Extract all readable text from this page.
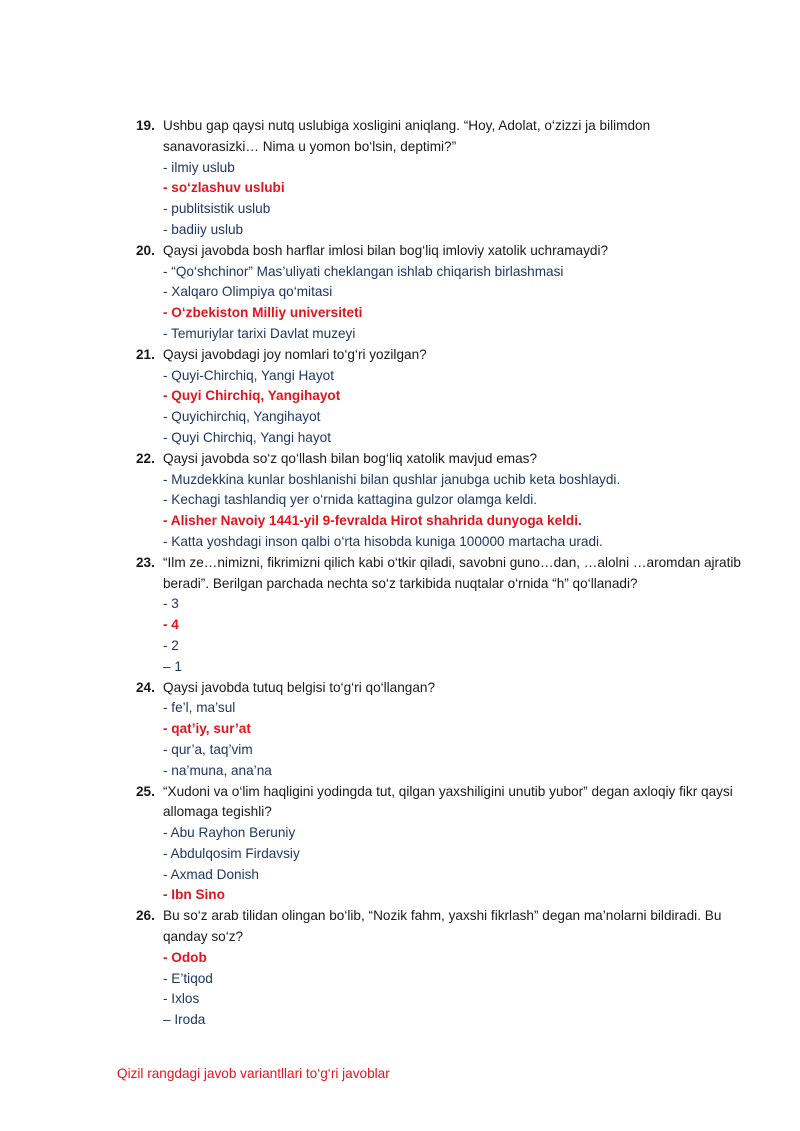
19. Ushbu gap qaysi nutq uslubiga xosligini aniqlang. “Hoy, Adolat, o‘zizzi ja bilimdon sanavorasizki… Nima u yomon bo‘lsin, deptimi?”
- ilmiy uslub
- so‘zlashuv uslubi
- publitsistik uslub
- badiiy uslub
20. Qaysi javobda bosh harflar imlosi bilan bog‘liq imloviy xatolik uchramaydi?
- “Qo‘shchinor” Mas’uliyati cheklangan ishlab chiqarish birlashmasi
- Xalqaro Olimpiya qo‘mitasi
- O‘zbekiston Milliy universiteti
- Temuriylar tarixi Davlat muzeyi
21. Qaysi javobdagi joy nomlari to‘g‘ri yozilgan?
- Quyi-Chirchiq, Yangi Hayot
- Quyi Chirchiq, Yangihayot
- Quyichirchiq, Yangihayot
- Quyi Chirchiq, Yangi hayot
22. Qaysi javobda so‘z qo‘llash bilan bog‘liq xatolik mavjud emas?
- Muzdekkina kunlar boshlanishi bilan qushlar janubga uchib keta boshlaydi.
- Kechagi tashlandiq yer o‘rnida kattagina gulzor olamga keldi.
- Alisher Navoiy 1441-yil 9-fevralda Hirot shahrida dunyoga keldi.
- Katta yoshdagi inson qalbi o‘rta hisobda kuniga 100000 martacha uradi.
23. “Ilm ze…nimizni, fikrimizni qilich kabi o‘tkir qiladi, savobni guno…dan, …alolni …aromdan ajratib beradi”. Berilgan parchada nechta so‘z tarkibida nuqtalar o‘rnida “h” qo‘llanadi?
- 3
- 4
- 2
– 1
24. Qaysi javobda tutuq belgisi to‘g‘ri qo‘llangan?
- fe’l, ma’sul
- qat’iy, sur’at
- qur’a, taq’vim
- na’muna, ana’na
25. “Xudoni va o‘lim haqligini yodingda tut, qilgan yaxshiligini unutib yubor” degan axloqiy fikr qaysi allomaga tegishli?
- Abu Rayhon Beruniy
- Abdulqosim Firdavsiy
- Axmad Donish
- Ibn Sino
26. Bu so‘z arab tilidan olingan bo‘lib, “Nozik fahm, yaxshi fikrlash” degan ma’nolarni bildiradi. Bu qanday so‘z?
- Odob
- E’tiqod
- Ixlos
– Iroda
Qizil rangdagi javob variantllari to‘g‘ri javoblar
